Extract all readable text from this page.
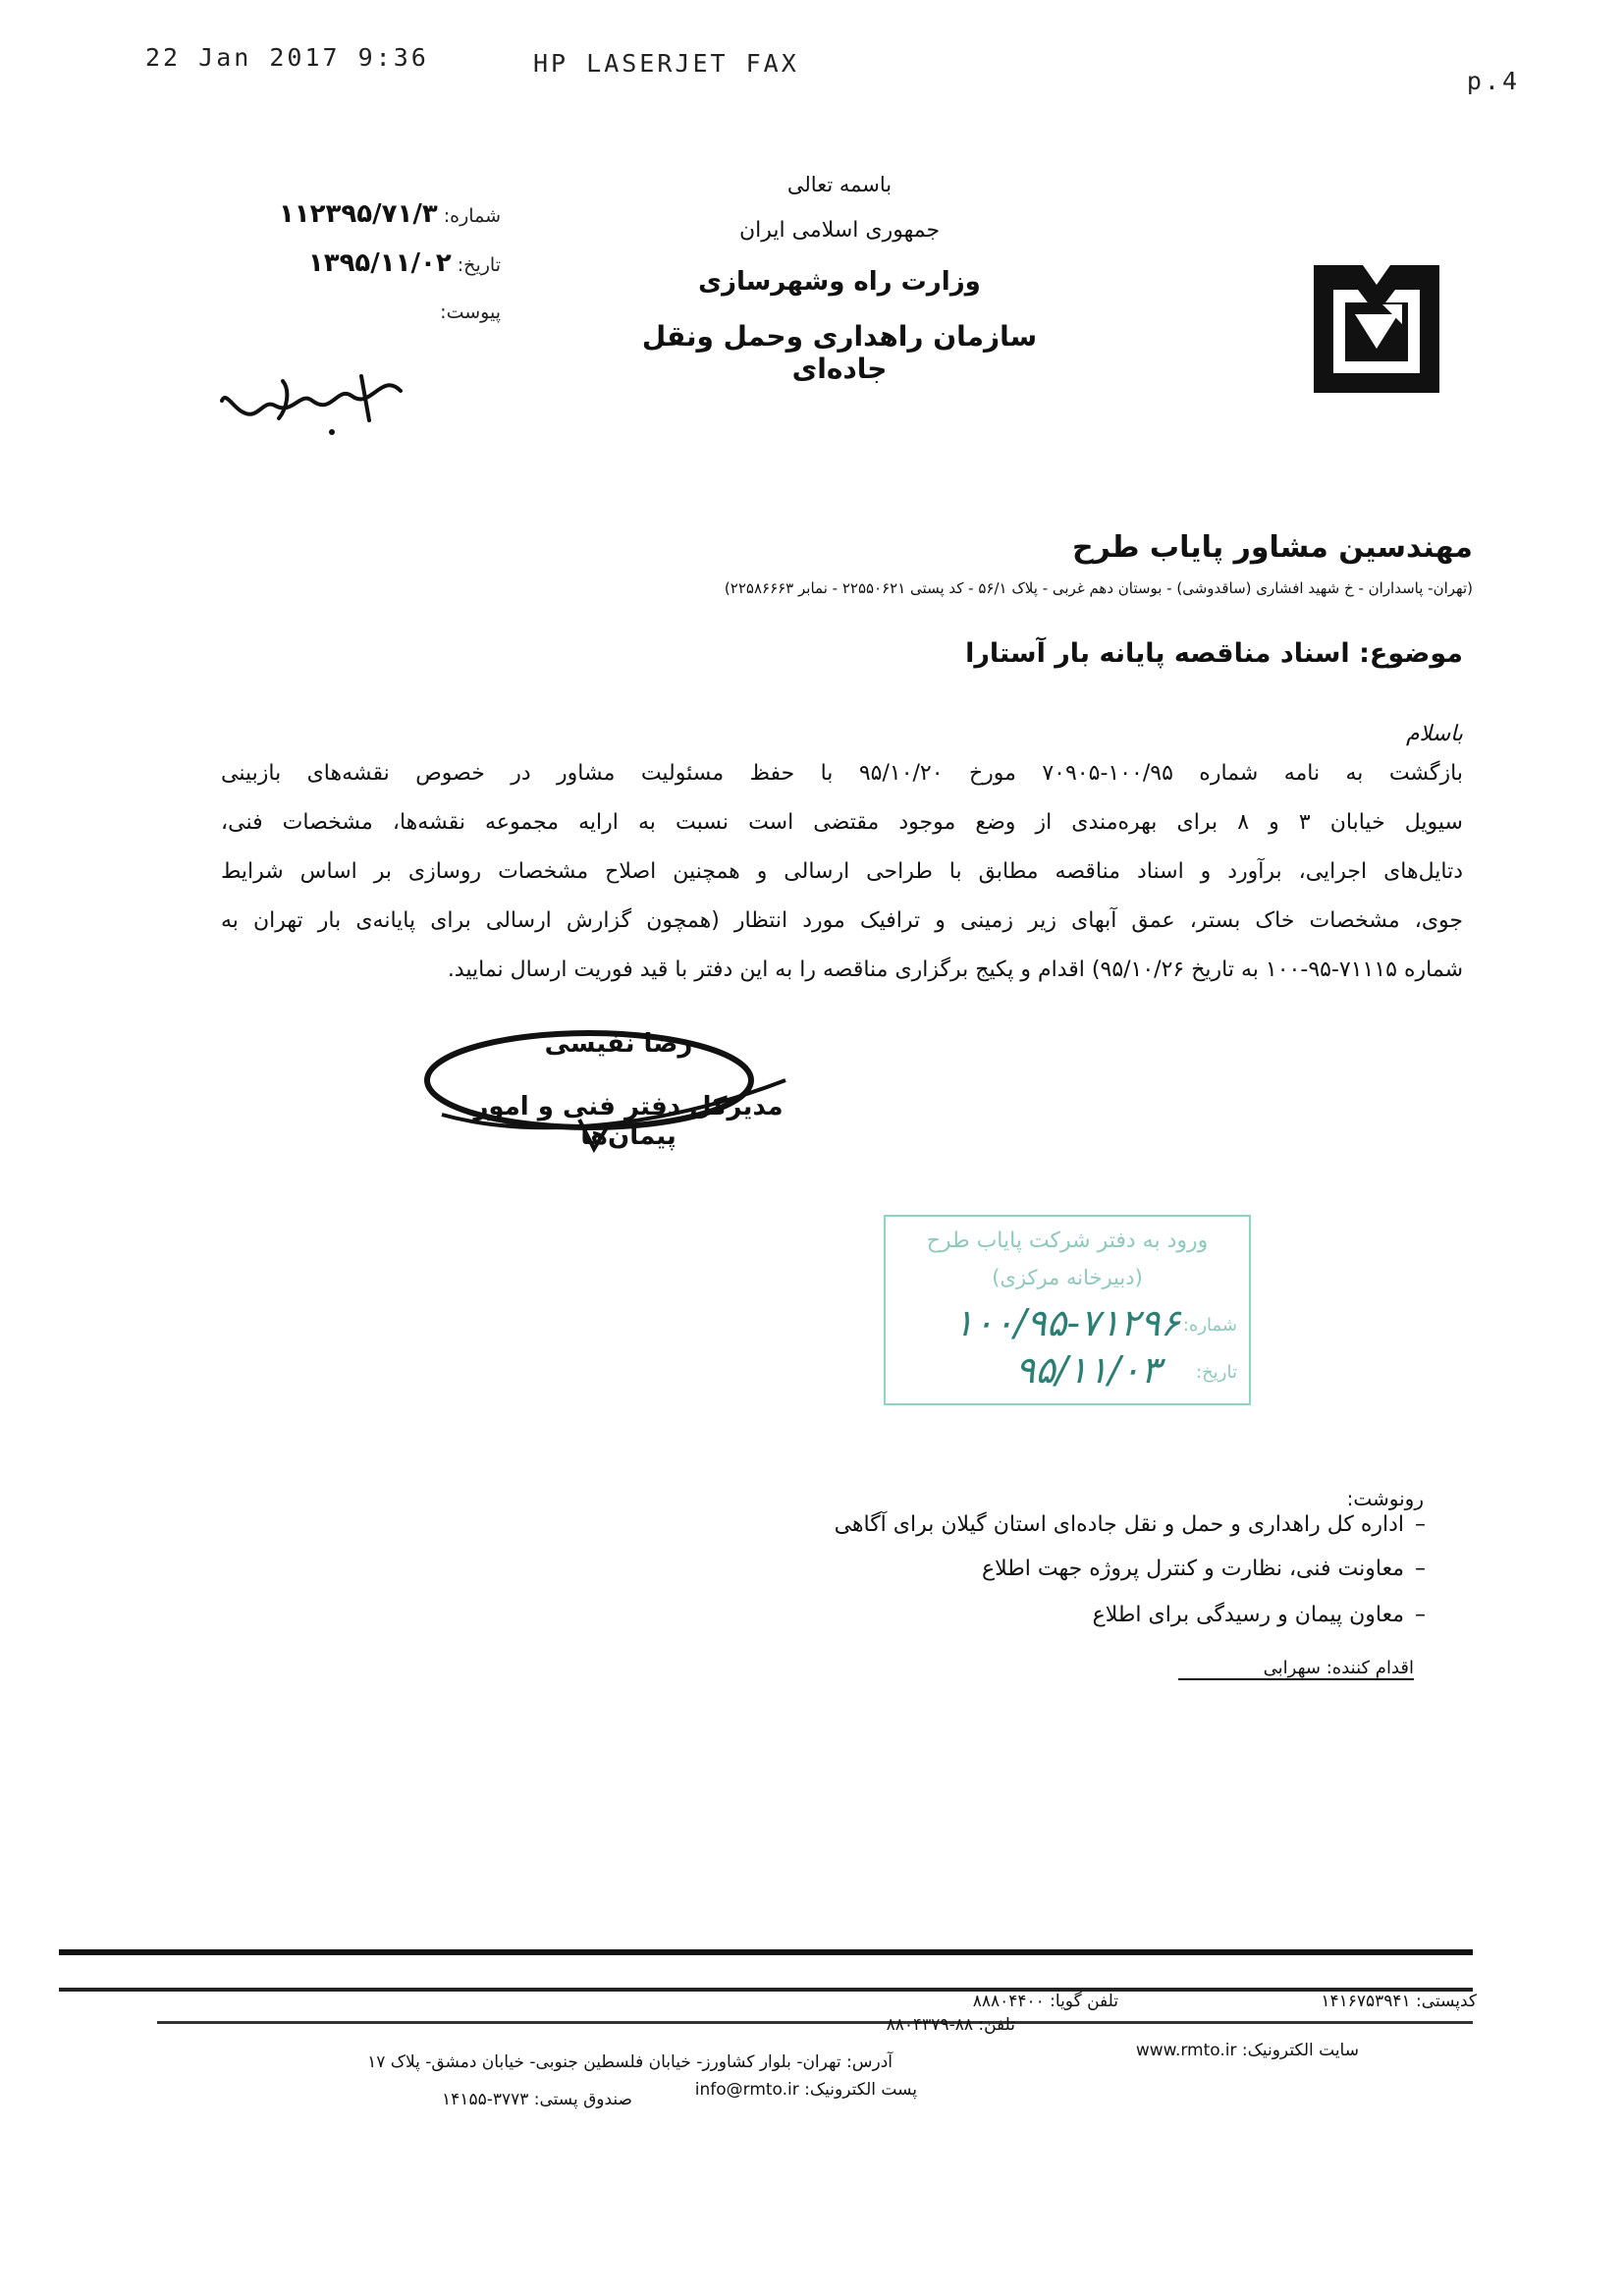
22 Jan 2017 9:36	HP LASERJET FAX
p.4
باسمه تعالی
جمهوری اسلامی ایران
وزارت راه وشهرسازی
سازمان راهداری وحمل ونقل جاده‌ای
شماره:۱۱۲۳۹۵/۷۱/۳
تاریخ:۱۳۹۵/۱۱/۰۲
پیوست:
مهندسین مشاور پایاب طرح
(تهران- پاسداران - خ شهید افشاری (ساقدوشی) - بوستان دهم غربی - پلاک ۵۶/۱ - کد پستی ۲۲۵۵۰۶۲۱ - نمابر ۲۲۵۸۶۶۶۳)
موضوع: اسناد مناقصه پایانه بار آستارا
باسلام
بازگشت به نامه شماره ۱۰۰/۹۵-۷۰۹۰۵ مورخ ۹۵/۱۰/۲۰ با حفظ مسئولیت مشاور در خصوص نقشه‌های بازبینی
سیویل خیابان ۳ و ۸ برای بهره‌مندی از وضع موجود مقتضی است نسبت به ارایه مجموعه نقشه‌ها، مشخصات فنی،
دتایل‌های اجرایی، برآورد و اسناد مناقصه مطابق با طراحی ارسالی و همچنین اصلاح مشخصات روسازی بر اساس شرایط
جوی، مشخصات خاک بستر، عمق آبهای زیر زمینی و ترافیک مورد انتظار (همچون گزارش ارسالی برای پایانه‌ی بار تهران به
شماره ۷۱۱۱۵-۹۵-۱۰۰ به تاریخ ۹۵/۱۰/۲۶) اقدام و پکیج برگزاری مناقصه را به این دفتر با قید فوریت ارسال نمایید.
رضا نفیسی
مدیرکل دفتر فنی و امور پیمان‌ها
ورود به دفتر شرکت پایاب طرح
(دبیرخانه مرکزی)
شماره:
۱۰۰/۹۵-۷۱۲۹۶
تاریخ:
۹۵/۱۱/۰۳
رونوشت:
–
اداره کل راهداری و حمل و نقل جاده‌ای استان گیلان برای آگاهی
–
معاونت فنی، نظارت و کنترل پروژه جهت اطلاع
–
معاون پیمان و رسیدگی برای اطلاع
اقدام کننده: سهرابی
کدپستی: ۱۴۱۶۷۵۳۹۴۱
تلفن گویا: ۸۸۸۰۴۴۰۰
تلفن: ۸۸-۸۸۰۴۳۷۹
سایت الکترونیک: www.rmto.ir
آدرس: تهران- بلوار کشاورز- خیابان فلسطین جنوبی- خیابان دمشق- پلاک ۱۷
پست الکترونیک: info@rmto.ir
صندوق پستی: ۳۷۷۳-۱۴۱۵۵
